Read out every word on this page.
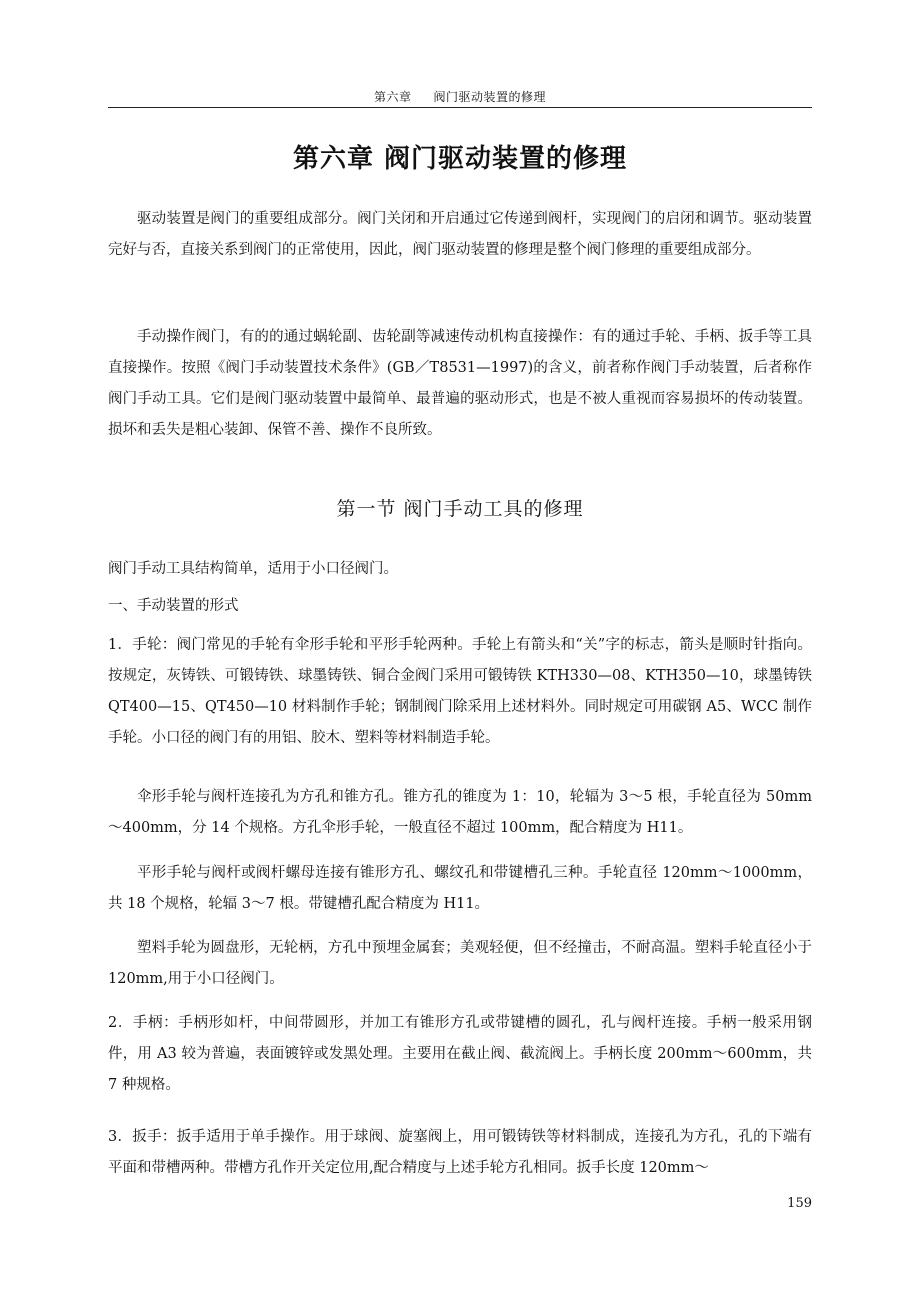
第六章 阀门驱动装置的修理
第六章 阀门驱动装置的修理

驱动装置是阀门的重要组成部分。阀门关闭和开启通过它传递到阀杆，实现阀门的启闭和调节。驱动装置完好与否，直接关系到阀门的正常使用，因此，阀门驱动装置的修理是整个阀门修理的重要组成部分。

手动操作阀门，有的的通过蜗轮副、齿轮副等减速传动机构直接操作：有的通过手轮、手柄、扳手等工具直接操作。按照《阀门手动装置技术条件》(GB／T8531—1997)的含义，前者称作阀门手动装置，后者称作阀门手动工具。它们是阀门驱动装置中最简单、最普遍的驱动形式，也是不被人重视而容易损坏的传动装置。损坏和丢失是粗心装卸、保管不善、操作不良所致。

第一节 阀门手动工具的修理

阀门手动工具结构简单，适用于小口径阀门。

一、手动装置的形式

1．手轮：阀门常见的手轮有伞形手轮和平形手轮两种。手轮上有箭头和“关”字的标志，箭头是顺时针指向。按规定，灰铸铁、可锻铸铁、球墨铸铁、铜合金阀门采用可锻铸铁 KTH330—08、KTH350—10，球墨铸铁 QT400—15、QT450—10 材料制作手轮；钢制阀门除采用上述材料外。同时规定可用碳钢 A5、WCC 制作手轮。小口径的阀门有的用铝、胶木、塑料等材料制造手轮。

伞形手轮与阀杆连接孔为方孔和锥方孔。锥方孔的锥度为 1：10，轮辐为 3～5 根，手轮直径为 50mm～400mm，分 14 个规格。方孔伞形手轮，一般直径不超过 100mm，配合精度为 H11。

平形手轮与阀杆或阀杆螺母连接有锥形方孔、螺纹孔和带键槽孔三种。手轮直径 120mm～1000mm，共 18 个规格，轮辐 3～7 根。带键槽孔配合精度为 H11。

塑料手轮为圆盘形，无轮柄，方孔中预埋金属套；美观轻便，但不经撞击，不耐高温。塑料手轮直径小于 120mm,用于小口径阀门。

2．手柄：手柄形如杆，中间带圆形，并加工有锥形方孔或带键槽的圆孔，孔与阀杆连接。手柄一般采用钢件，用 A3 较为普遍，表面镀锌或发黑处理。主要用在截止阀、截流阀上。手柄长度 200mm～600mm，共 7 种规格。

3．扳手：扳手适用于单手操作。用于球阀、旋塞阀上，用可锻铸铁等材料制成，连接孔为方孔，孔的下端有平面和带槽两种。带槽方孔作开关定位用,配合精度与上述手轮方孔相同。扳手长度 120mm～

159
